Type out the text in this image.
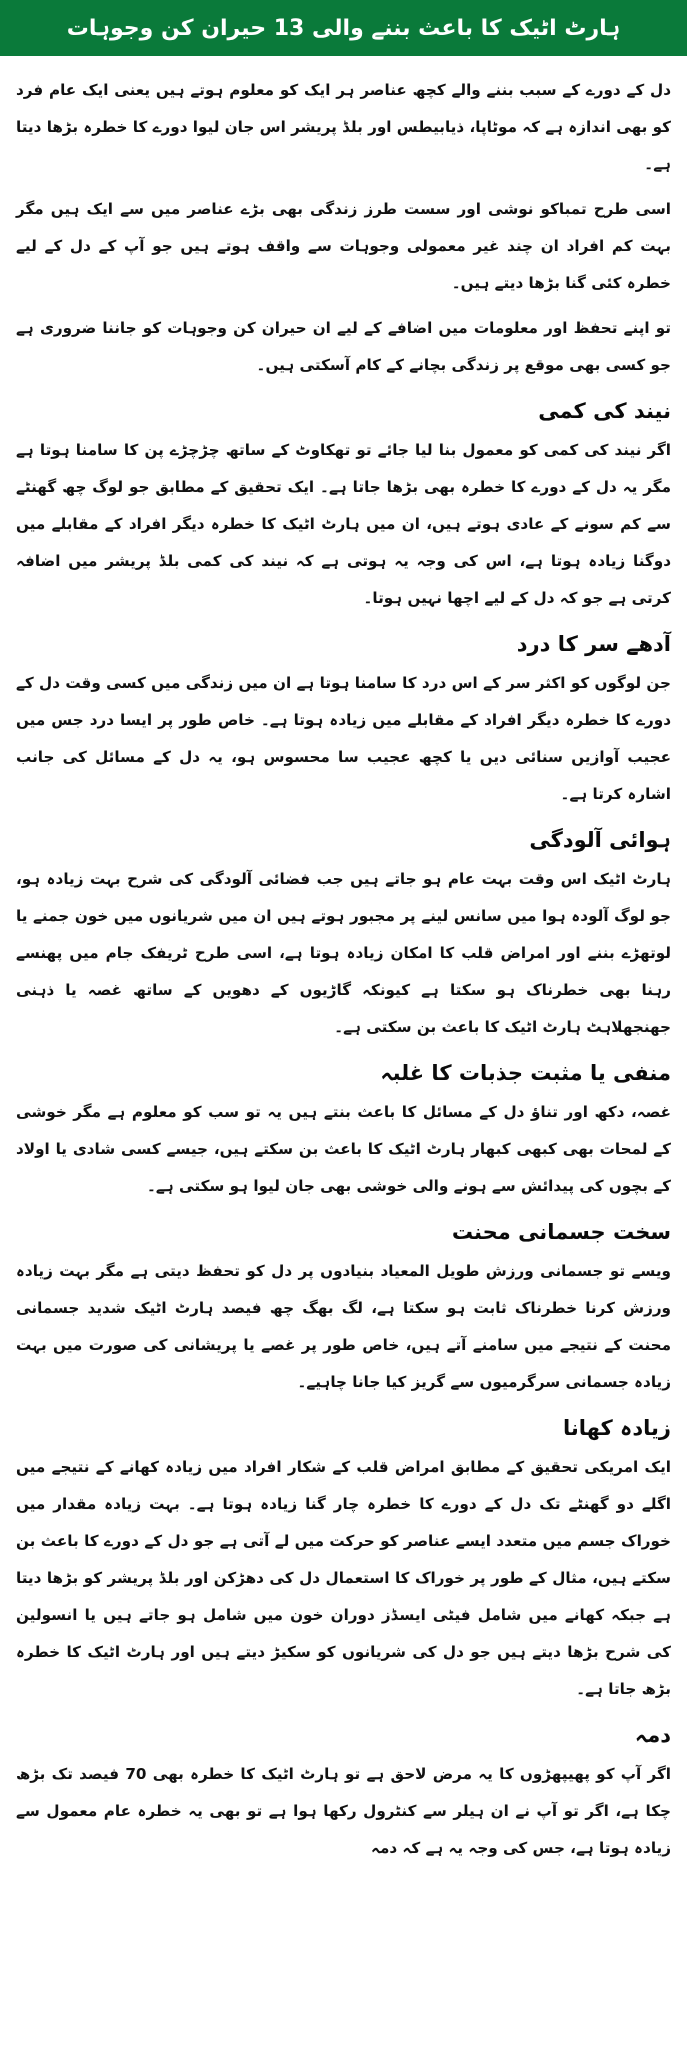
ہارٹ اٹیک کا باعث بننے والی 13 حیران کن وجوہات

دل کے دورے کے سبب بننے والے کچھ عناصر ہر ایک کو معلوم ہوتے ہیں یعنی ایک عام فرد کو بھی اندازہ ہے کہ موٹاپا، ذیابیطس اور بلڈ پریشر اس جان لیوا دورے کا خطرہ بڑھا دیتا ہے۔

اسی طرح تمباکو نوشی اور سست طرز زندگی بھی بڑے عناصر میں سے ایک ہیں مگر بہت کم افراد ان چند غیر معمولی وجوہات سے واقف ہوتے ہیں جو آپ کے دل کے لیے خطرہ کئی گنا بڑھا دیتے ہیں۔

تو اپنے تحفظ اور معلومات میں اضافے کے لیے ان حیران کن وجوہات کو جاننا ضروری ہے جو کسی بھی موقع پر زندگی بچانے کے کام آسکتی ہیں۔

نیند کی کمی

اگر نیند کی کمی کو معمول بنا لیا جائے تو تھکاوٹ کے ساتھ چڑچڑے پن کا سامنا ہوتا ہے مگر یہ دل کے دورے کا خطرہ بھی بڑھا جاتا ہے۔ ایک تحقیق کے مطابق جو لوگ چھ گھنٹے سے کم سونے کے عادی ہوتے ہیں، ان میں ہارٹ اٹیک کا خطرہ دیگر افراد کے مقابلے میں دوگنا زیادہ ہوتا ہے، اس کی وجہ یہ ہوتی ہے کہ نیند کی کمی بلڈ پریشر میں اضافہ کرتی ہے جو کہ دل کے لیے اچھا نہیں ہوتا۔

آدھے سر کا درد

جن لوگوں کو اکثر سر کے اس درد کا سامنا ہوتا ہے ان میں زندگی میں کسی وقت دل کے دورے کا خطرہ دیگر افراد کے مقابلے میں زیادہ ہوتا ہے۔ خاص طور پر ایسا درد جس میں عجیب آوازیں سنائی دیں یا کچھ عجیب سا محسوس ہو، یہ دل کے مسائل کی جانب اشارہ کرتا ہے۔

ہوائی آلودگی

ہارٹ اٹیک اس وقت بہت عام ہو جاتے ہیں جب فضائی آلودگی کی شرح بہت زیادہ ہو، جو لوگ آلودہ ہوا میں سانس لینے پر مجبور ہوتے ہیں ان میں شریانوں میں خون جمنے یا لوتھڑے بننے اور امراض قلب کا امکان زیادہ ہوتا ہے، اسی طرح ٹریفک جام میں پھنسے رہنا بھی خطرناک ہو سکتا ہے کیونکہ گاڑیوں کے دھویں کے ساتھ غصہ یا ذہنی جھنجھلاہٹ ہارٹ اٹیک کا باعث بن سکتی ہے۔

منفی یا مثبت جذبات کا غلبہ

غصہ، دکھ اور تناؤ دل کے مسائل کا باعث بنتے ہیں یہ تو سب کو معلوم ہے مگر خوشی کے لمحات بھی کبھی کبھار ہارٹ اٹیک کا باعث بن سکتے ہیں، جیسے کسی شادی یا اولاد کے بچوں کی پیدائش سے ہونے والی خوشی بھی جان لیوا ہو سکتی ہے۔

سخت جسمانی محنت

ویسے تو جسمانی ورزش طویل المعیاد بنیادوں پر دل کو تحفظ دیتی ہے مگر بہت زیادہ ورزش کرنا خطرناک ثابت ہو سکتا ہے، لگ بھگ چھ فیصد ہارٹ اٹیک شدید جسمانی محنت کے نتیجے میں سامنے آتے ہیں، خاص طور پر غصے یا پریشانی کی صورت میں بہت زیادہ جسمانی سرگرمیوں سے گریز کیا جانا چاہیے۔

زیادہ کھانا

ایک امریکی تحقیق کے مطابق امراض قلب کے شکار افراد میں زیادہ کھانے کے نتیجے میں اگلے دو گھنٹے تک دل کے دورے کا خطرہ چار گنا زیادہ ہوتا ہے۔ بہت زیادہ مقدار میں خوراک جسم میں متعدد ایسے عناصر کو حرکت میں لے آتی ہے جو دل کے دورے کا باعث بن سکتے ہیں، مثال کے طور پر خوراک کا استعمال دل کی دھڑکن اور بلڈ پریشر کو بڑھا دیتا ہے جبکہ کھانے میں شامل فیٹی ایسڈز دوران خون میں شامل ہو جاتے ہیں یا انسولین کی شرح بڑھا دیتے ہیں جو دل کی شریانوں کو سکیڑ دیتے ہیں اور ہارٹ اٹیک کا خطرہ بڑھ جاتا ہے۔

دمہ

اگر آپ کو پھیپھڑوں کا یہ مرض لاحق ہے تو ہارٹ اٹیک کا خطرہ بھی 70 فیصد تک بڑھ چکا ہے، اگر تو آپ نے ان ہیلر سے کنٹرول رکھا ہوا ہے تو بھی یہ خطرہ عام معمول سے زیادہ ہوتا ہے، جس کی وجہ یہ ہے کہ دمہ
